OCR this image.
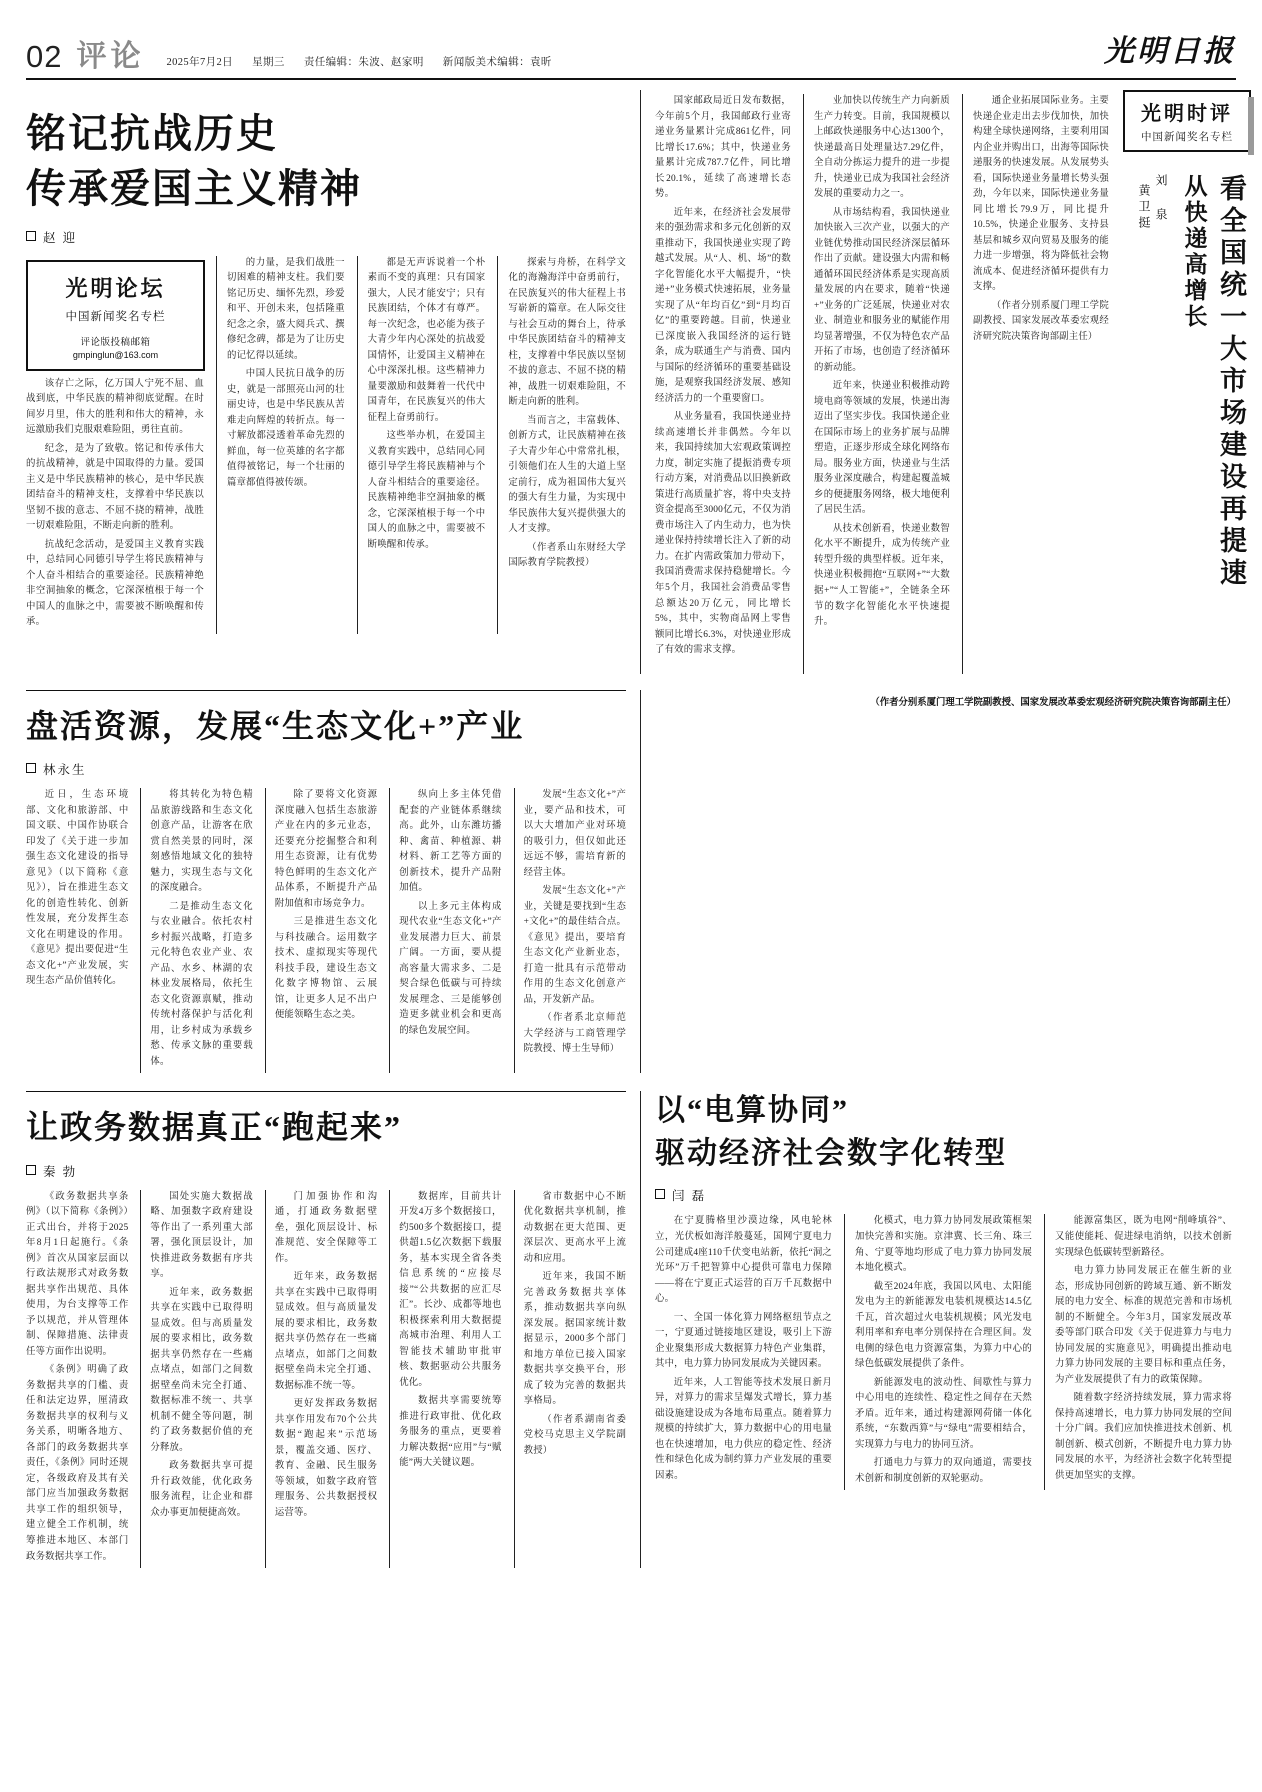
02 评论 2025年7月2日 星期三 责任编辑：朱波、赵家明 新闻版美术编辑：袁昕	光明日报
铭记抗战历史
传承爱国主义精神
赵 迎
光明论坛
中国新闻奖名专栏
评论版投稿邮箱
gmpinglun@163.com

该存亡之际，亿万国人宁死不屈、血战到底，中华民族的精神彻底觉醒。在时间岁月里，伟大的胜利和伟大的精神，永远激励我们克服艰难险阻，勇往直前。

纪念，是为了致敬。铭记和传承伟大的抗战精神，就是中国取得的力量。爱国主义是中华民族精神的核心，是中华民族团结奋斗的精神支柱，支撑着中华民族以坚韧不拔的意志、不屈不挠的精神，战胜一切艰难险阻，不断走向新的胜利。

抗战纪念活动，是爱国主义教育实践中，总结同心同德引导学生将民族精神与个人奋斗相结合的重要途径。民族精神绝非空洞抽象的概念，它深深植根于每一个中国人的血脉之中，需要被不断唤醒和传承。

的力量，是我们战胜一切困难的精神支柱。我们要铭记历史、缅怀先烈，珍爱和平、开创未来，包括隆重纪念之余，盛大阅兵式、撰修纪念碑，都是为了让历史的记忆得以延续。

中国人民抗日战争的历史，就是一部照亮山河的壮丽史诗，也是中华民族从苦难走向辉煌的转折点。每一寸解放都浸透着革命先烈的鲜血，每一位英雄的名字都值得被铭记，每一个壮丽的篇章都值得被传颂。

都是无声诉说着一个朴素而不变的真理：只有国家强大，人民才能安宁；只有民族团结，个体才有尊严。每一次纪念，也必能为孩子大青少年内心深处的抗战爱国情怀，让爱国主义精神在心中深深扎根。这些精神力量要激励和鼓舞着一代代中国青年，在民族复兴的伟大征程上奋勇前行。

这些举办机，在爱国主义教育实践中，总结同心同德引导学生将民族精神与个人奋斗相结合的重要途径。民族精神绝非空洞抽象的概念，它深深植根于每一个中国人的血脉之中，需要被不断唤醒和传承。

探索与舟桥，在科学文化的海瀚海洋中奋勇前行，在民族复兴的伟大征程上书写崭新的篇章。在人际交往与社会互动的舞台上，待承中华民族团结奋斗的精神支柱，支撑着中华民族以坚韧不拔的意志、不屈不挠的精神，战胜一切艰难险阻，不断走向新的胜利。

当而言之，丰富载体、创新方式，让民族精神在孩子大青少年心中常常扎根，引领他们在人生的大道上坚定前行，成为祖国伟大复兴的强大有生力量，为实现中华民族伟大复兴提供强大的人才支撑。

（作者系山东财经大学国际教育学院教授）

光明时评
中国新闻奖名专栏
刘 泉
黄卫挺 从快递高增长 看全国统一大市场建设再提速

国家邮政局近日发布数据，今年前5个月，我国邮政行业寄递业务量累计完成861亿件，同比增长17.6%；其中，快递业务量累计完成787.7亿件，同比增长20.1%，延续了高速增长态势。

近年来，在经济社会发展带来的强劲需求和多元化创新的双重推动下，我国快递业实现了跨越式发展。从“人、机、场”的数字化智能化水平大幅提升，“快递+”业务模式快速拓展，业务量实现了从“年均百亿”到“月均百亿”的重要跨越。目前，快递业已深度嵌入我国经济的运行链条，成为联通生产与消费、国内与国际的经济循环的重要基础设施，是观察我国经济发展、感知经济活力的一个重要窗口。

从业务量看，我国快递业持续高速增长并非偶然。今年以来，我国持续加大宏观政策调控力度，制定实施了提振消费专项行动方案，对消费品以旧换新政策进行高质量扩容，将中央支持资金提高至3000亿元，不仅为消费市场注入了内生动力，也为快递业保持持续增长注入了新的动力。在扩内需政策加力带动下，我国消费需求保持稳健增长。今年5个月，我国社会消费品零售总额达20万亿元，同比增长5%，其中，实物商品网上零售额同比增长6.3%，对快递业形成了有效的需求支撑。

业加快以传统生产力向新质生产力转变。目前，我国规模以上邮政快递服务中心达1300个，快递最高日处理量达7.29亿件，全自动分拣运力提升的进一步提升，快递业已成为我国社会经济发展的重要动力之一。

从市场结构看，我国快递业加快嵌入三次产业，以强大的产业链优势推动国民经济深层循环作出了贡献。建设强大内需和畅通循环国民经济体系是实现高质量发展的内在要求，随着“快递+”业务的广泛延展，快递业对农业、制造业和服务业的赋能作用均显著增强，不仅为特色农产品开拓了市场，也创造了经济循环的新动能。

近年来，快递业积极推动跨境电商等领域的发展，快递出海迈出了坚实步伐。我国快递企业在国际市场上的业务扩展与品牌塑造，正逐步形成全球化网络布局。服务业方面，快递业与生活服务业深度融合，构建起覆盖城乡的便捷服务网络，极大地便利了居民生活。

从技术创新看，快递业数智化水平不断提升，成为传统产业转型升级的典型样板。近年来，快递业积极拥抱“互联网+”“大数据+”“人工智能+”，全链条全环节的数字化智能化水平快速提升。

通企业拓展国际业务。主要快递企业走出去步伐加快，加快构建全球快递网络，主要利用国内企业并购出口，出海等国际快递服务的快速发展。从发展势头看，国际快递业务量增长势头强劲，今年以来，国际快递业务量同比增长79.9万，同比提升10.5%，快递企业服务、支持县基层和城乡双向贸易及服务的能力进一步增强，将为降低社会物流成本、促进经济循环提供有力支撑。

（作者分别系厦门理工学院副教授、国家发展改革委宏观经济研究院决策咨询部副主任）

盘活资源，发展“生态文化+”产业
林永生

近日，生态环境部、文化和旅游部、中国文联、中国作协联合印发了《关于进一步加强生态文化建设的指导意见》（以下简称《意见》），旨在推进生态文化的创造性转化、创新性发展，充分发挥生态文化在明建设的作用。《意见》提出要促进“生态文化+”产业发展，实现生态产品价值转化。

将其转化为特色精品旅游线路和生态文化创意产品，让游客在欣赏自然美景的同时，深刻感悟地域文化的独特魅力，实现生态与文化的深度融合。

二是推动生态文化与农业融合。依托农村乡村振兴战略，打造多元化特色农业产业、农产品、水乡、林湖的农林业发展格局，依托生态文化资源禀赋，推动传统村落保护与活化利用，让乡村成为承载乡愁、传承文脉的重要载体。

除了要将文化资源深度融入包括生态旅游产业在内的多元业态，还要充分挖掘整合和利用生态资源，让有优势特色鲜明的生态文化产品体系，不断提升产品附加值和市场竞争力。

三是推进生态文化与科技融合。运用数字技术、虚拟现实等现代科技手段，建设生态文化数字博物馆、云展馆，让更多人足不出户便能领略生态之美。

纵向上多主体凭借配套的产业链体系继续高。此外，山东潍坊播种、禽苗、种植源、耕材料、新工艺等方面的创新技术，提升产品附加值。

以上多元主体构成现代农业“生态文化+”产业发展潜力巨大、前景广阔。一方面，要从提高容量大需求多、二是契合绿色低碳与可持续发展理念、三是能够创造更多就业机会和更高的绿色发展空间。

发展“生态文化+”产业，要产品和技术，可以大大增加产业对环境的吸引力，但仅如此还远远不够，需培育新的经营主体。

发展“生态文化+”产业，关键是要找到“生态+文化+”的最佳结合点。《意见》提出，要培育生态文化产业新业态，打造一批具有示范带动作用的生态文化创意产品，开发新产品。

（作者系北京师范大学经济与工商管理学院教授、博士生导师）

（作者分别系厦门理工学院副教授、国家发展改革委宏观经济研究院决策咨询部副主任）
让政务数据真正“跑起来”
秦 勃

《政务数据共享条例》（以下简称《条例》）正式出台，并将于2025年8月1日起施行。《条例》首次从国家层面以行政法规形式对政务数据共享作出规范、具体使用，为台支撑等工作予以规范，并从管理体制、保障措施、法律责任等方面作出说明。

《条例》明确了政务数据共享的门槛、责任和法定边界，厘清政务数据共享的权利与义务关系，明晰各地方、各部门的政务数据共享责任，《条例》同时还规定，各级政府及其有关部门应当加强政务数据共享工作的组织领导，建立健全工作机制，统筹推进本地区、本部门政务数据共享工作。

国处实施大数据战略、加强数字政府建设等作出了一系列重大部署，强化顶层设计，加快推进政务数据有序共享。

近年来，政务数据共享在实践中已取得明显成效。但与高质量发展的要求相比，政务数据共享仍然存在一些痛点堵点，如部门之间数据壁垒尚未完全打通、数据标准不统一、共享机制不健全等问题，制约了政务数据价值的充分释放。

政务数据共享可提升行政效能，优化政务服务流程，让企业和群众办事更加便捷高效。

门加强协作和沟通，打通政务数据壁垒，强化顶层设计、标准规范、安全保障等工作。

近年来，政务数据共享在实践中已取得明显成效。但与高质量发展的要求相比，政务数据共享仍然存在一些痛点堵点，如部门之间数据壁垒尚未完全打通、数据标准不统一等。

更好发挥政务数据共享作用发布70个公共数据“跑起来”示范场景，覆盖交通、医疗、教育、金融、民生服务等领域，如数字政府管理服务、公共数据授权运营等。

数据库，目前共计开发4万多个数据接口，约500多个数据接口，提供超1.5亿次数据下载服务，基本实现全省各类信息系统的“应接尽接”“公共数据的应汇尽汇”。长沙、成都等地也积极探索利用大数据提高城市治理、利用人工智能技术辅助审批审核、数据驱动公共服务优化。

数据共享需要统筹推进行政审批、优化政务服务的重点，更要着力解决数据“应用”与“赋能”两大关键议题。

省市数据中心不断优化数据共享机制，推动数据在更大范围、更深层次、更高水平上流动和应用。

近年来，我国不断完善政务数据共享体系，推动数据共享向纵深发展。据国家统计数据显示，2000多个部门和地方单位已接入国家数据共享交换平台，形成了较为完善的数据共享格局。

（作者系湖南省委党校马克思主义学院副教授）

以“电算协同”
驱动经济社会数字化转型
闫 磊

在宁夏腾格里沙漠边缘，风电轮林立，光伏板如海洋般蔓延，国网宁夏电力公司建成4座110千伏变电站新，依托“洞之光环”万千把智算中心提供可靠电力保障——将在宁夏正式运营的百万千瓦数据中心。

一、全国一体化算力网络枢纽节点之一，宁夏通过链接地区建设，吸引上下游企业聚集形成大数据算力特色产业集群，其中，电力算力协同发展成为关键因素。

近年来，人工智能等技术发展日新月异，对算力的需求呈爆发式增长，算力基础设施建设成为各地布局重点。随着算力规模的持续扩大，算力数据中心的用电量也在快速增加，电力供应的稳定性、经济性和绿色化成为制约算力产业发展的重要因素。

化模式，电力算力协同发展政策框架加快完善和实施。京津冀、长三角、珠三角、宁夏等地均形成了电力算力协同发展本地化模式。

截至2024年底，我国以风电、太阳能发电为主的新能源发电装机规模达14.5亿千瓦，首次超过火电装机规模；风光发电利用率和弃电率分别保持在合理区间。发电侧的绿色电力资源富集，为算力中心的绿色低碳发展提供了条件。

新能源发电的波动性、间歇性与算力中心用电的连续性、稳定性之间存在天然矛盾。近年来，通过构建源网荷储一体化系统，“东数西算”与“绿电”需要相结合，实现算力与电力的协同互济。

打通电力与算力的双向通道，需要技术创新和制度创新的双轮驱动。

能源富集区，既为电网“削峰填谷”、又能使能耗、促进绿电消纳，以技术创新实现绿色低碳转型新路径。

电力算力协同发展正在催生新的业态，形成协同创新的跨域互通、新不断发展的电力安全、标准的规范完善和市场机制的不断健全。今年3月，国家发展改革委等部门联合印发《关于促进算力与电力协同发展的实施意见》，明确提出推动电力算力协同发展的主要目标和重点任务，为产业发展提供了有力的政策保障。

随着数字经济持续发展，算力需求将保持高速增长，电力算力协同发展的空间十分广阔。我们应加快推进技术创新、机制创新、模式创新，不断提升电力算力协同发展的水平，为经济社会数字化转型提供更加坚实的支撑。
